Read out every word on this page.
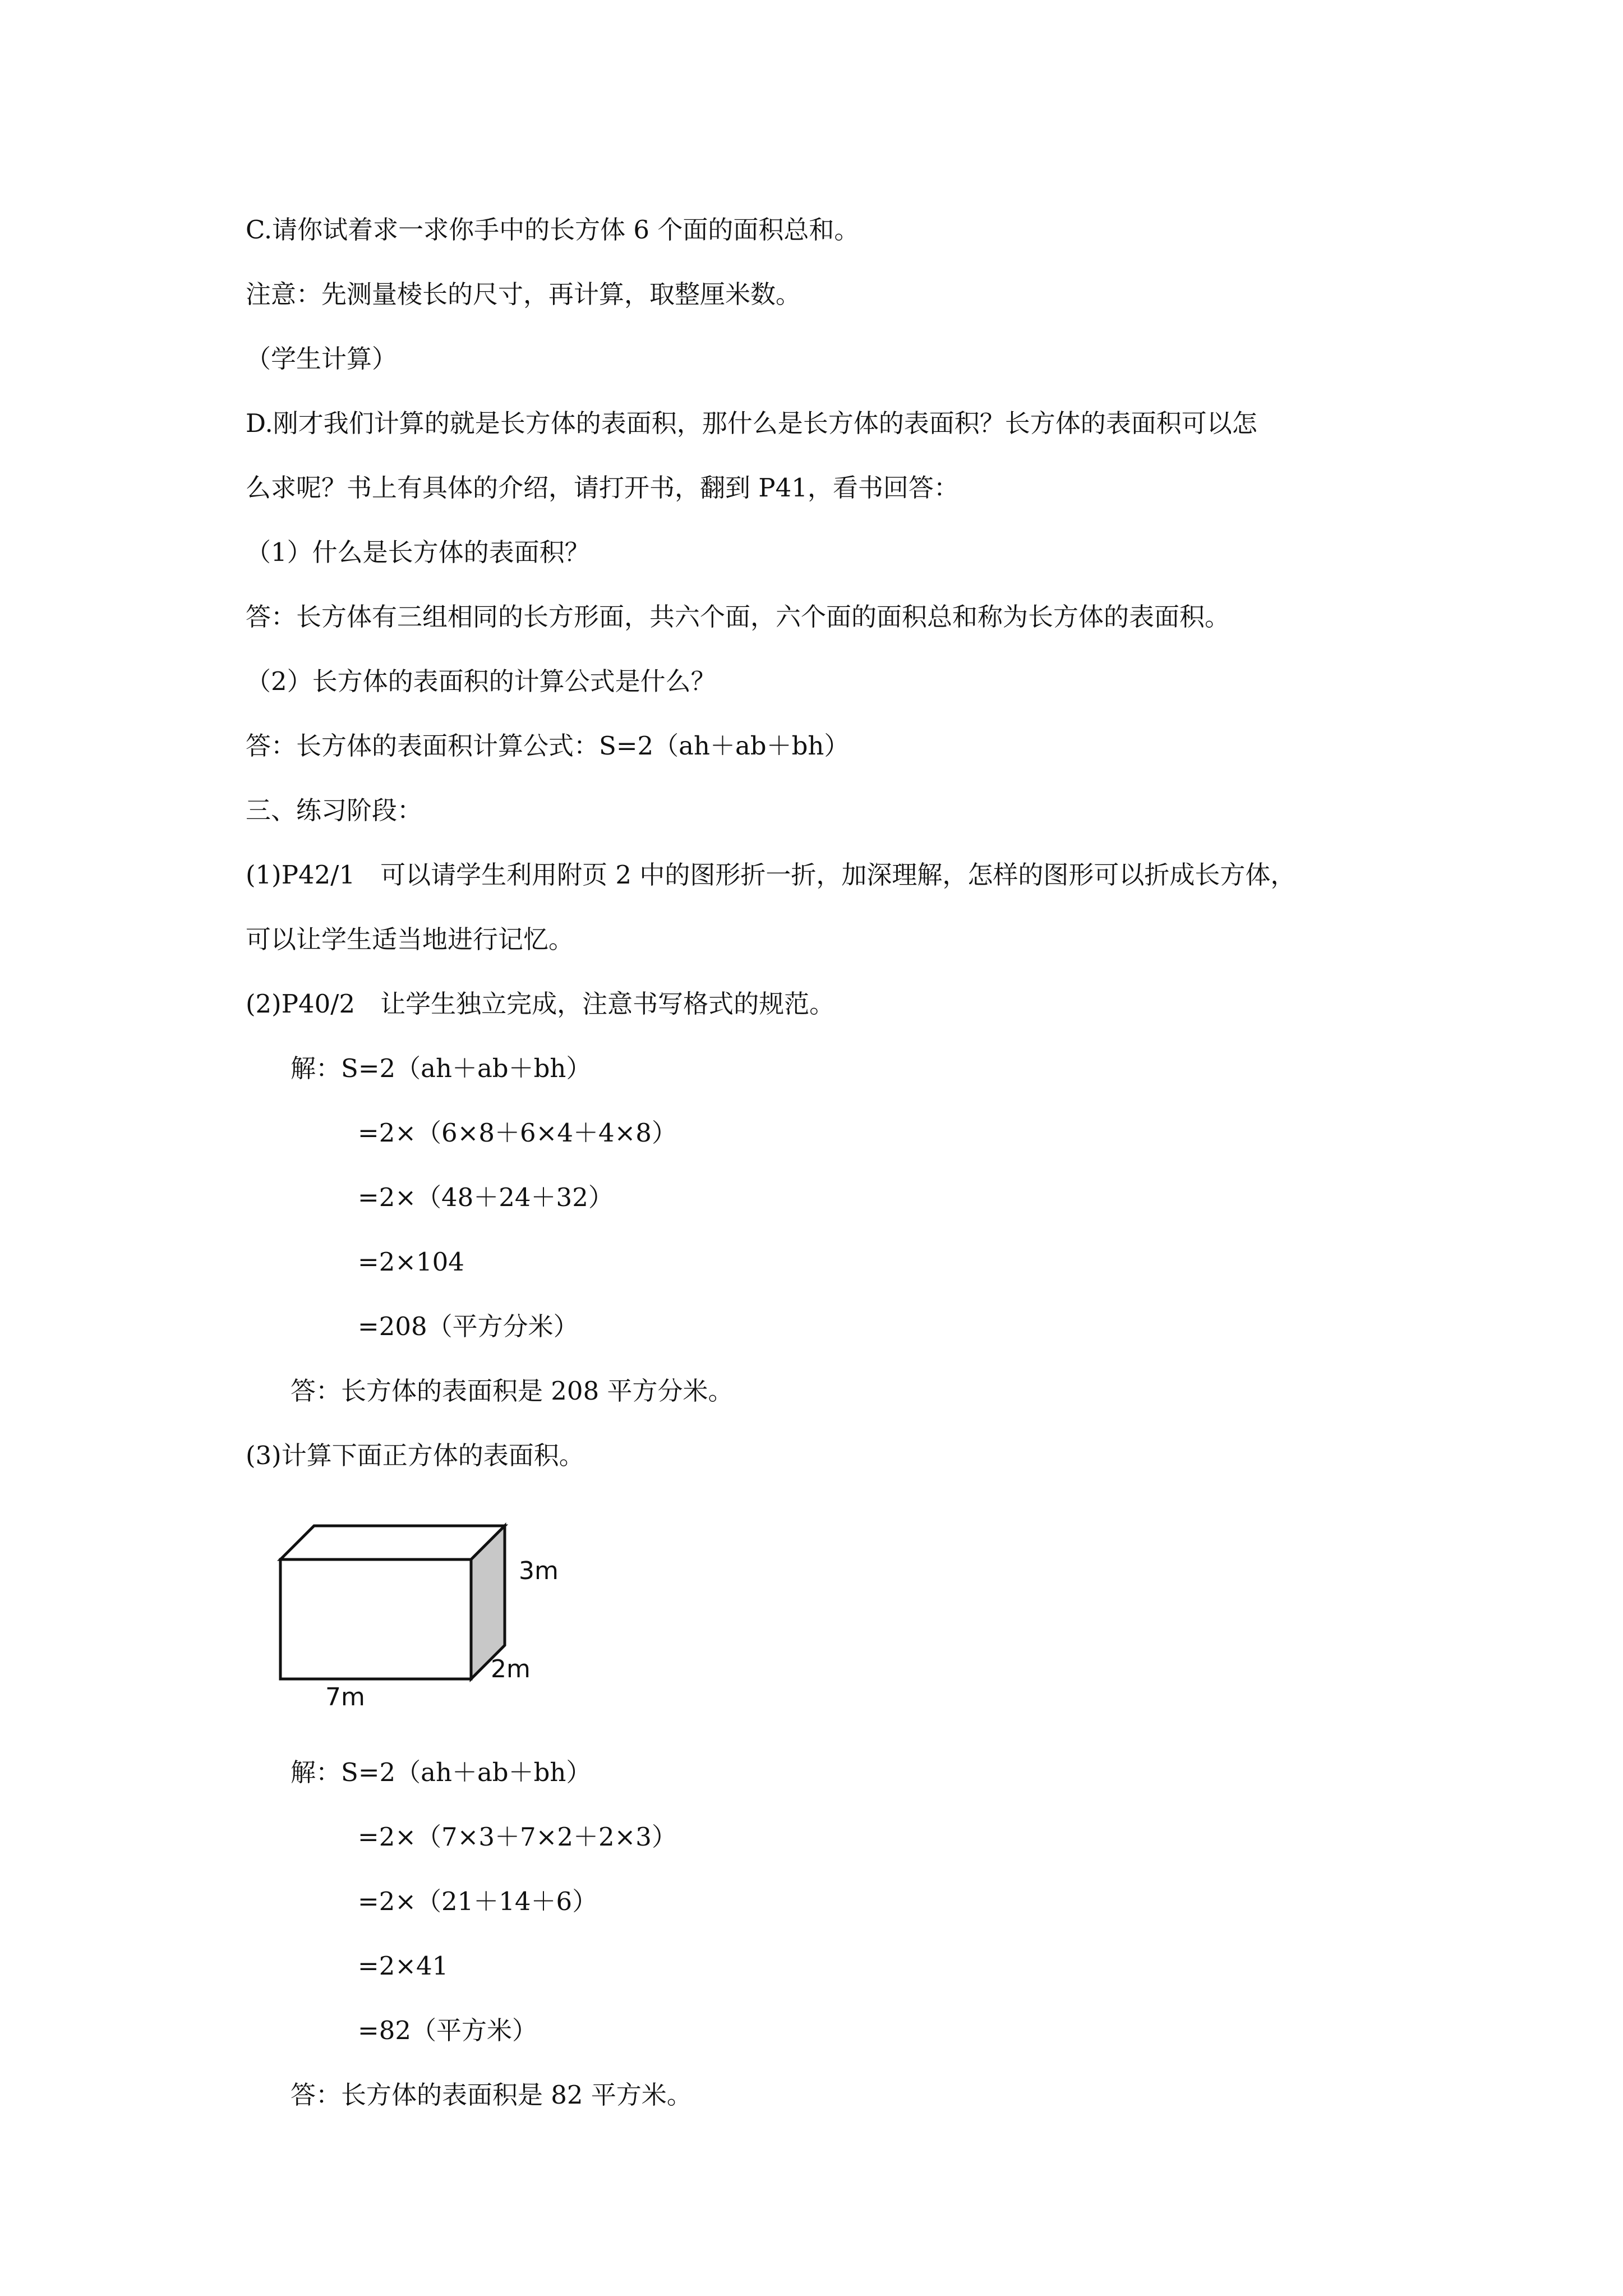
C.请你试着求一求你手中的长方体 6 个面的面积总和。
注意：先测量棱长的尺寸，再计算，取整厘米数。
（学生计算）
D.刚才我们计算的就是长方体的表面积，那什么是长方体的表面积？长方体的表面积可以怎
么求呢？书上有具体的介绍，请打开书，翻到 P41，看书回答：
（1）什么是长方体的表面积？
答：长方体有三组相同的长方形面，共六个面，六个面的面积总和称为长方体的表面积。
（2）长方体的表面积的计算公式是什么？
答：长方体的表面积计算公式：S=2（ah＋ab＋bh）
三、练习阶段：
(1)P42/1　可以请学生利用附页 2 中的图形折一折，加深理解，怎样的图形可以折成长方体，
可以让学生适当地进行记忆。
(2)P40/2　让学生独立完成，注意书写格式的规范。
解：S=2（ah＋ab＋bh）
=2×（6×8＋6×4＋4×8）
=2×（48＋24＋32）
=2×104
=208（平方分米）
答：长方体的表面积是 208 平方分米。
(3)计算下面正方体的表面积。
3m
2m
7m
解：S=2（ah＋ab＋bh）
=2×（7×3＋7×2＋2×3）
=2×（21＋14＋6）
=2×41
=82（平方米）
答：长方体的表面积是 82 平方米。
